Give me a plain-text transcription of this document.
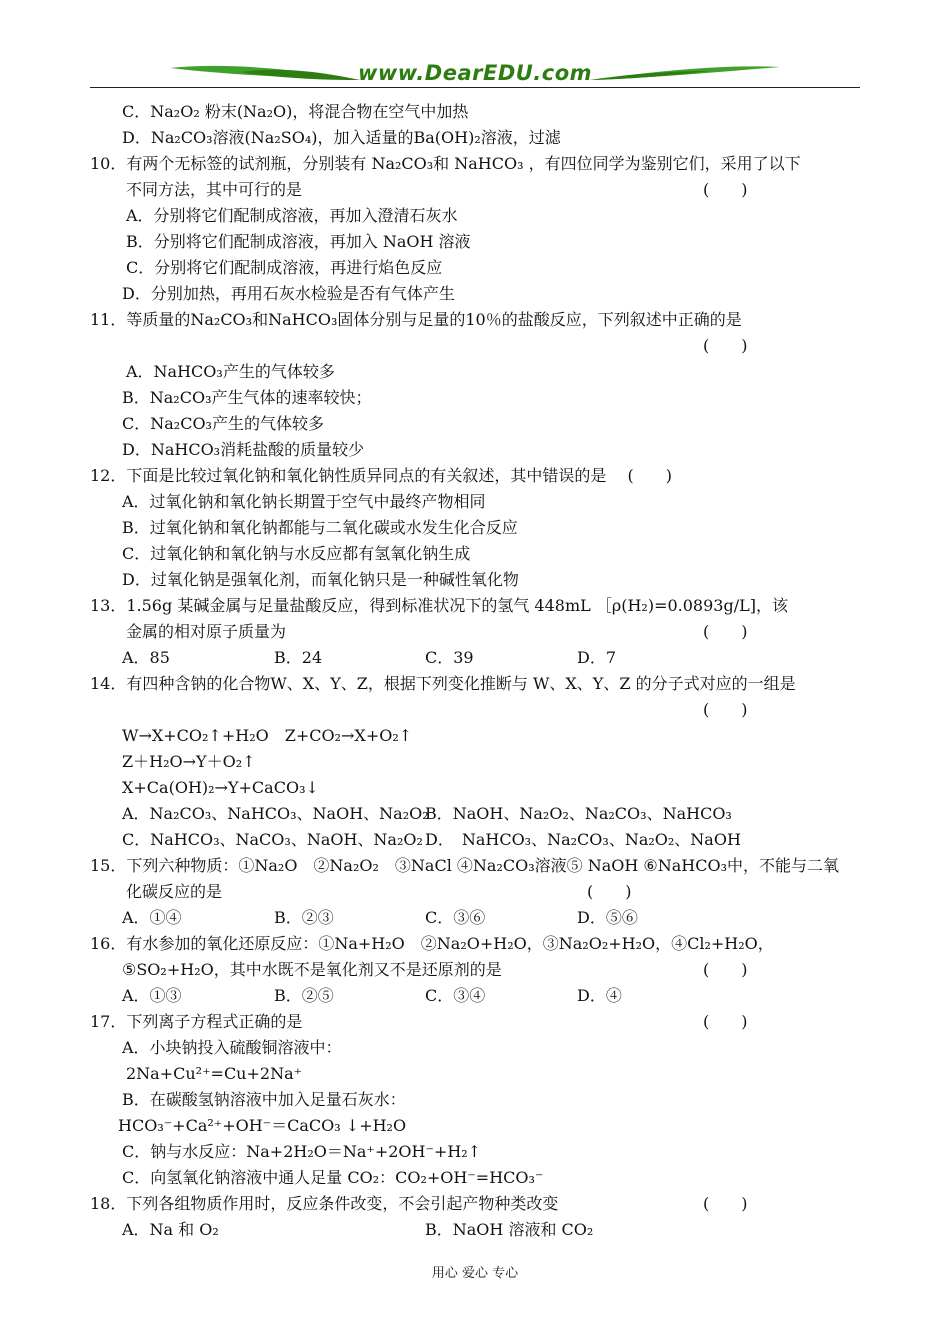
www.DearEDU.com
C．Na₂O₂ 粉末(Na₂O)，将混合物在空气中加热
D．Na₂CO₃溶液(Na₂SO₄)，加入适量的Ba(OH)₂溶液，过滤
10．有两个无标签的试剂瓶，分别装有 Na₂CO₃和 NaHCO₃ ，有四位同学为鉴别它们，采用了以下
不同方法，其中可行的是	(　　)
A．分别将它们配制成溶液，再加入澄清石灰水
B．分别将它们配制成溶液，再加入 NaOH 溶液
C．分别将它们配制成溶液，再进行焰色反应
D．分别加热，再用石灰水检验是否有气体产生
11．等质量的Na₂CO₃和NaHCO₃固体分别与足量的10％的盐酸反应，下列叙述中正确的是
(　　)
A．NaHCO₃产生的气体较多
B．Na₂CO₃产生气体的速率较快；
C．Na₂CO₃产生的气体较多
D．NaHCO₃消耗盐酸的质量较少
12．下面是比较过氧化钠和氧化钠性质异同点的有关叙述，其中错误的是　 (　　)
A．过氧化钠和氧化钠长期置于空气中最终产物相同
B．过氧化钠和氧化钠都能与二氧化碳或水发生化合反应
C．过氧化钠和氧化钠与水反应都有氢氧化钠生成
D．过氧化钠是强氧化剂，而氧化钠只是一种碱性氧化物
13．1.56g 某碱金属与足量盐酸反应，得到标准状况下的氢气 448mL ［ρ(H₂)=0.0893g/L]，该
金属的相对原子质量为	(　　)
A．85	B．24	C．39	D．7
14．有四种含钠的化合物W、X、Y、Z，根据下列变化推断与 W、X、Y、Z 的分子式对应的一组是
(　　)
W→X+CO₂↑+H₂O　Z+CO₂→X+O₂↑
Z＋H₂O→Y＋O₂↑
X+Ca(OH)₂→Y+CaCO₃↓
A．Na₂CO₃、NaHCO₃、NaOH、Na₂O₂
B．NaOH、Na₂O₂、Na₂CO₃、NaHCO₃
C．NaHCO₃、NaCO₃、NaOH、Na₂O₂ D．　NaHCO₃、Na₂CO₃、Na₂O₂、NaOH
15．下列六种物质：①Na₂O　②Na₂O₂　③NaCl ④Na₂CO₃溶液⑤ NaOH ⑥NaHCO₃中，不能与二氧
化碳反应的是	(　　)
A．①④	B．②③	C．③⑥	D．⑤⑥
16．有水参加的氧化还原反应：①Na+H₂O　②Na₂O+H₂O，③Na₂O₂+H₂O，④Cl₂+H₂O，
⑤SO₂+H₂O，其中水既不是氧化剂又不是还原剂的是	(　　)
A．①③	B．②⑤	C．③④	D．④
17．下列离子方程式正确的是	(　　)
A．小块钠投入硫酸铜溶液中：
2Na+Cu²⁺=Cu+2Na⁺
B．在碳酸氢钠溶液中加入足量石灰水：
HCO₃⁻+Ca²⁺+OH⁻＝CaCO₃ ↓+H₂O
C．钠与水反应：Na+2H₂O＝Na⁺+2OH⁻+H₂↑
C．向氢氧化钠溶液中通人足量 CO₂：CO₂+OH⁻=HCO₃⁻
18．下列各组物质作用时，反应条件改变，不会引起产物种类改变	(　　)
A．Na 和 O₂	B．NaOH 溶液和 CO₂
用心 爱心 专心
